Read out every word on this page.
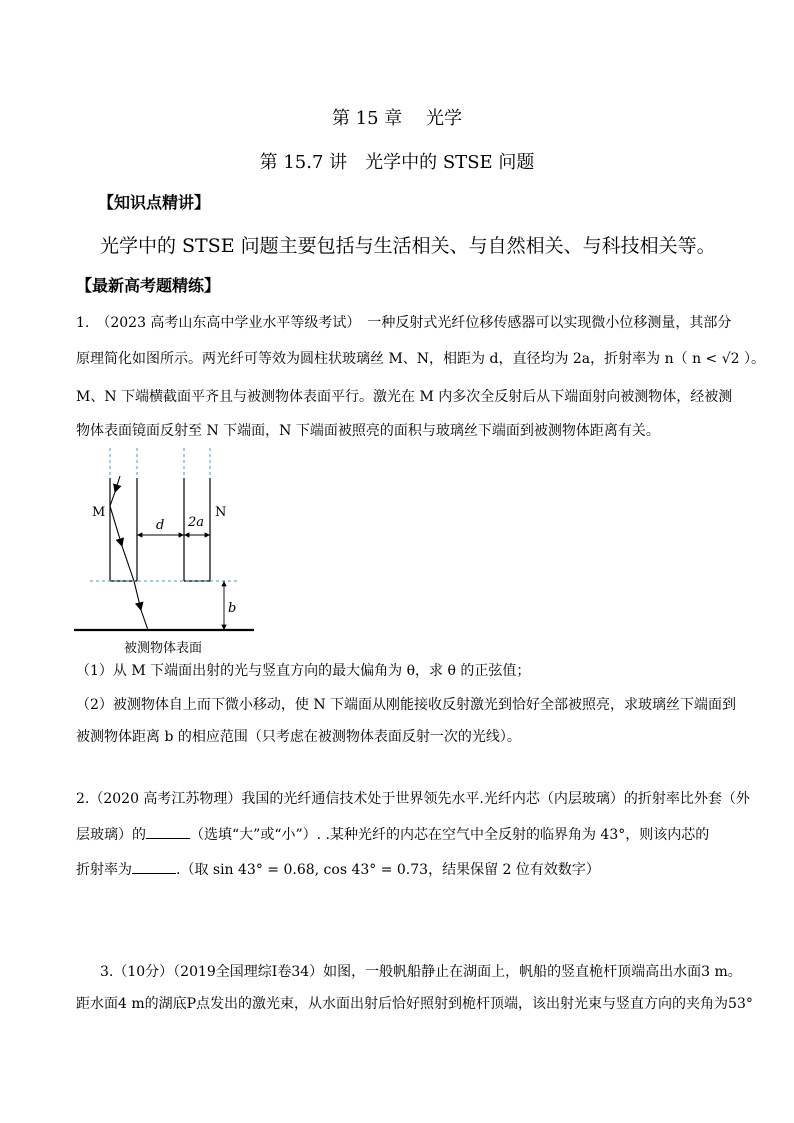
第 15 章　 光学
第 15.7 讲　光学中的 STSE 问题
【知识点精讲】
光学中的 STSE 问题主要包括与生活相关、与自然相关、与科技相关等。
【最新高考题精练】
1.　（2023 高考山东高中学业水平等级考试）　一种反射式光纤位移传感器可以实现微小位移测量，其部分
原理简化如图所示。两光纤可等效为圆柱状玻璃丝 M、N，相距为 d，直径均为 2a，折射率为 n（ n < √2 ）。
M、N 下端横截面平齐且与被测物体表面平行。激光在 M 内多次全反射后从下端面射向被测物体，经被测
物体表面镜面反射至 N 下端面，N 下端面被照亮的面积与玻璃丝下端面到被测物体距离有关。
M	N
d 2a
b
被测物体表面
（1）从 M 下端面出射的光与竖直方向的最大偏角为 θ，求 θ 的正弦值；
（2）被测物体自上而下微小移动，使 N 下端面从刚能接收反射激光到恰好全部被照亮，求玻璃丝下端面到
被测物体距离 b 的相应范围（只考虑在被测物体表面反射一次的光线）。
2.（2020 高考江苏物理）我国的光纤通信技术处于世界领先水平.光纤内芯（内层玻璃）的折射率比外套（外
层玻璃）的	（选填“大”或“小”）. .某种光纤的内芯在空气中全反射的临界角为 43°，则该内芯的
折射率为	.（取 sin 43° = 0.68, cos 43° = 0.73，结果保留 2 位有效数字）
3.（10分）（2019全国理综Ⅰ卷34）如图，一般帆船静止在湖面上，帆船的竖直桅杆顶端高出水面3 m。
距水面4 m的湖底P点发出的激光束，从水面出射后恰好照射到桅杆顶端，该出射光束与竖直方向的夹角为53°
